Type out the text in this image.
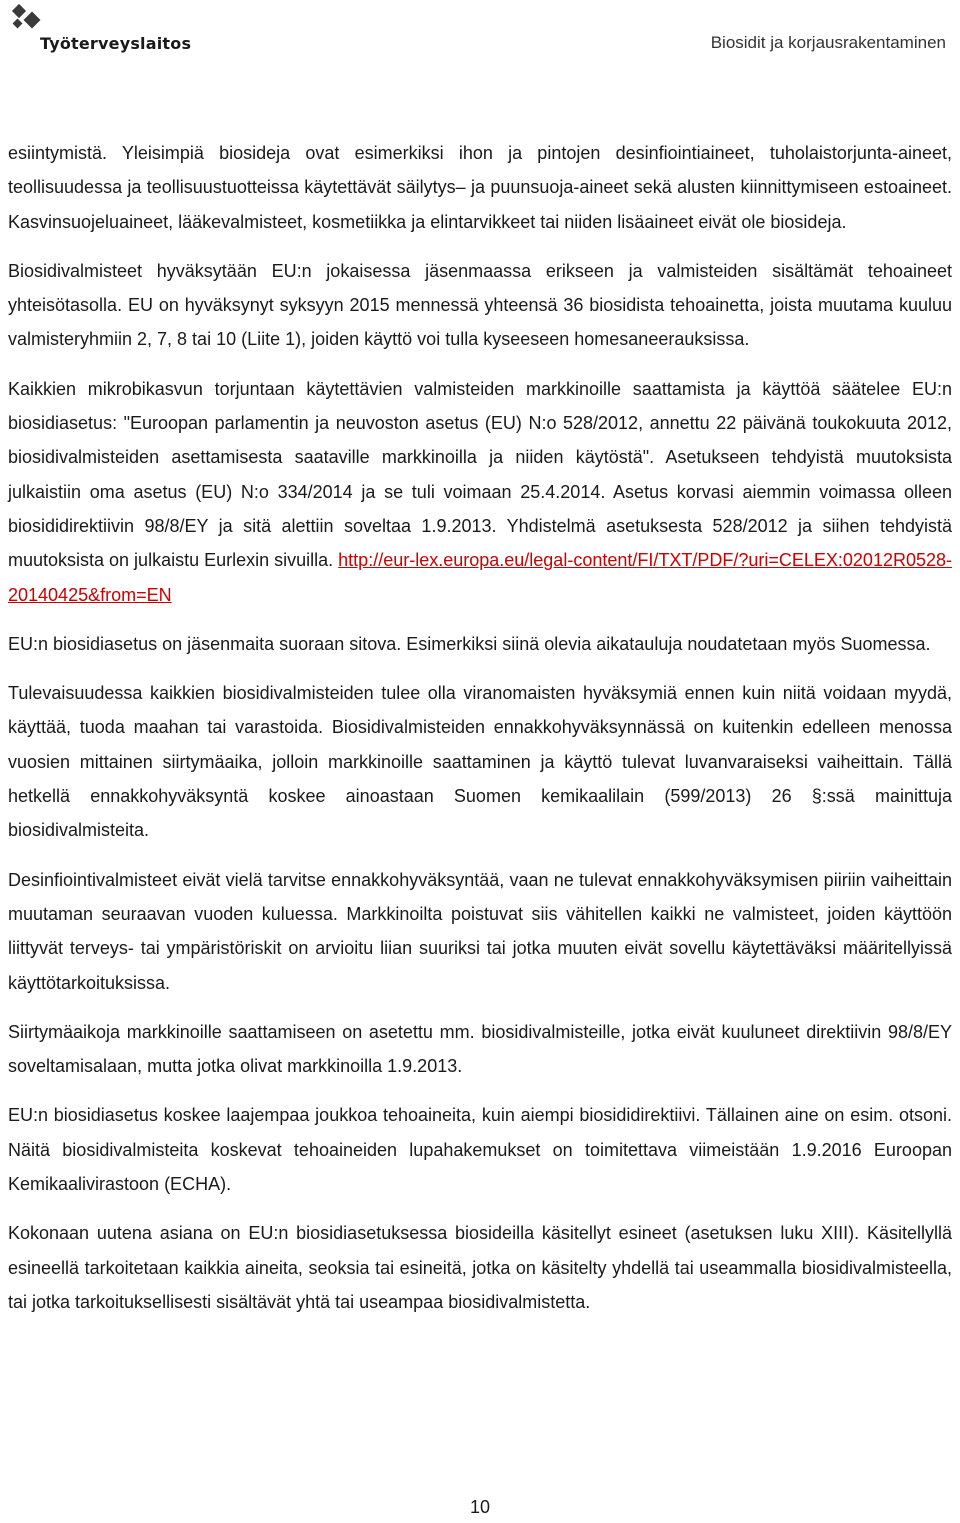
Työterveyslaitos	Biosidit ja korjausrakentaminen

esiintymistä. Yleisimpiä biosideja ovat esimerkiksi ihon ja pintojen desinfiointiaineet, tuholaistorjunta-aineet, teollisuudessa ja teollisuustuotteissa käytettävät säilytys– ja puunsuoja-aineet sekä alusten kiinnittymiseen estoaineet. Kasvinsuojeluaineet, lääkevalmisteet, kosmetiikka ja elintarvikkeet tai niiden lisäaineet eivät ole biosideja.

Biosidivalmisteet hyväksytään EU:n jokaisessa jäsenmaassa erikseen ja valmisteiden sisältämät tehoaineet yhteisötasolla. EU on hyväksynyt syksyyn 2015 mennessä yhteensä 36 biosidista tehoainetta, joista muutama kuuluu valmisteryhmiin 2, 7, 8 tai 10 (Liite 1), joiden käyttö voi tulla kyseeseen homesaneerauksissa.

Kaikkien mikrobikasvun torjuntaan käytettävien valmisteiden markkinoille saattamista ja käyttöä säätelee EU:n biosidiasetus: "Euroopan parlamentin ja neuvoston asetus (EU) N:o 528/2012, annettu 22 päivänä toukokuuta 2012, biosidivalmisteiden asettamisesta saataville markkinoilla ja niiden käytöstä". Asetukseen tehdyistä muutoksista julkaistiin oma asetus (EU) N:o 334/2014 ja se tuli voimaan 25.4.2014. Asetus korvasi aiemmin voimassa olleen biosididirektiivin 98/8/EY ja sitä alettiin soveltaa 1.9.2013. Yhdistelmä asetuksesta 528/2012 ja siihen tehdyistä muutoksista on julkaistu Eurlexin sivuilla. http://eur-lex.europa.eu/legal-content/FI/TXT/PDF/?uri=CELEX:02012R0528-20140425&from=EN

EU:n biosidiasetus on jäsenmaita suoraan sitova. Esimerkiksi siinä olevia aikatauluja noudatetaan myös Suomessa.

Tulevaisuudessa kaikkien biosidivalmisteiden tulee olla viranomaisten hyväksymiä ennen kuin niitä voidaan myydä, käyttää, tuoda maahan tai varastoida. Biosidivalmisteiden ennakkohyväksynnässä on kuitenkin edelleen menossa vuosien mittainen siirtymäaika, jolloin markkinoille saattaminen ja käyttö tulevat luvanvaraiseksi vaiheittain. Tällä hetkellä ennakkohyväksyntä koskee ainoastaan Suomen kemikaalilain (599/2013) 26 §:ssä mainittuja biosidivalmisteita.

Desinfiointivalmisteet eivät vielä tarvitse ennakkohyväksyntää, vaan ne tulevat ennakkohyväksymisen piiriin vaiheittain muutaman seuraavan vuoden kuluessa. Markkinoilta poistuvat siis vähitellen kaikki ne valmisteet, joiden käyttöön liittyvät terveys- tai ympäristöriskit on arvioitu liian suuriksi tai jotka muuten eivät sovellu käytettäväksi määritellyissä käyttötarkoituksissa.

Siirtymäaikoja markkinoille saattamiseen on asetettu mm. biosidivalmisteille, jotka eivät kuuluneet direktiivin 98/8/EY soveltamisalaan, mutta jotka olivat markkinoilla 1.9.2013.

EU:n biosidiasetus koskee laajempaa joukkoa tehoaineita, kuin aiempi biosididirektiivi. Tällainen aine on esim. otsoni. Näitä biosidivalmisteita koskevat tehoaineiden lupahakemukset on toimitettava viimeistään 1.9.2016 Euroopan Kemikaalivirastoon (ECHA).

Kokonaan uutena asiana on EU:n biosidiasetuksessa biosideilla käsitellyt esineet (asetuksen luku XIII). Käsitellyllä esineellä tarkoitetaan kaikkia aineita, seoksia tai esineitä, jotka on käsitelty yhdellä tai useammalla biosidivalmisteella, tai jotka tarkoituksellisesti sisältävät yhtä tai useampaa biosidivalmistetta.

10
